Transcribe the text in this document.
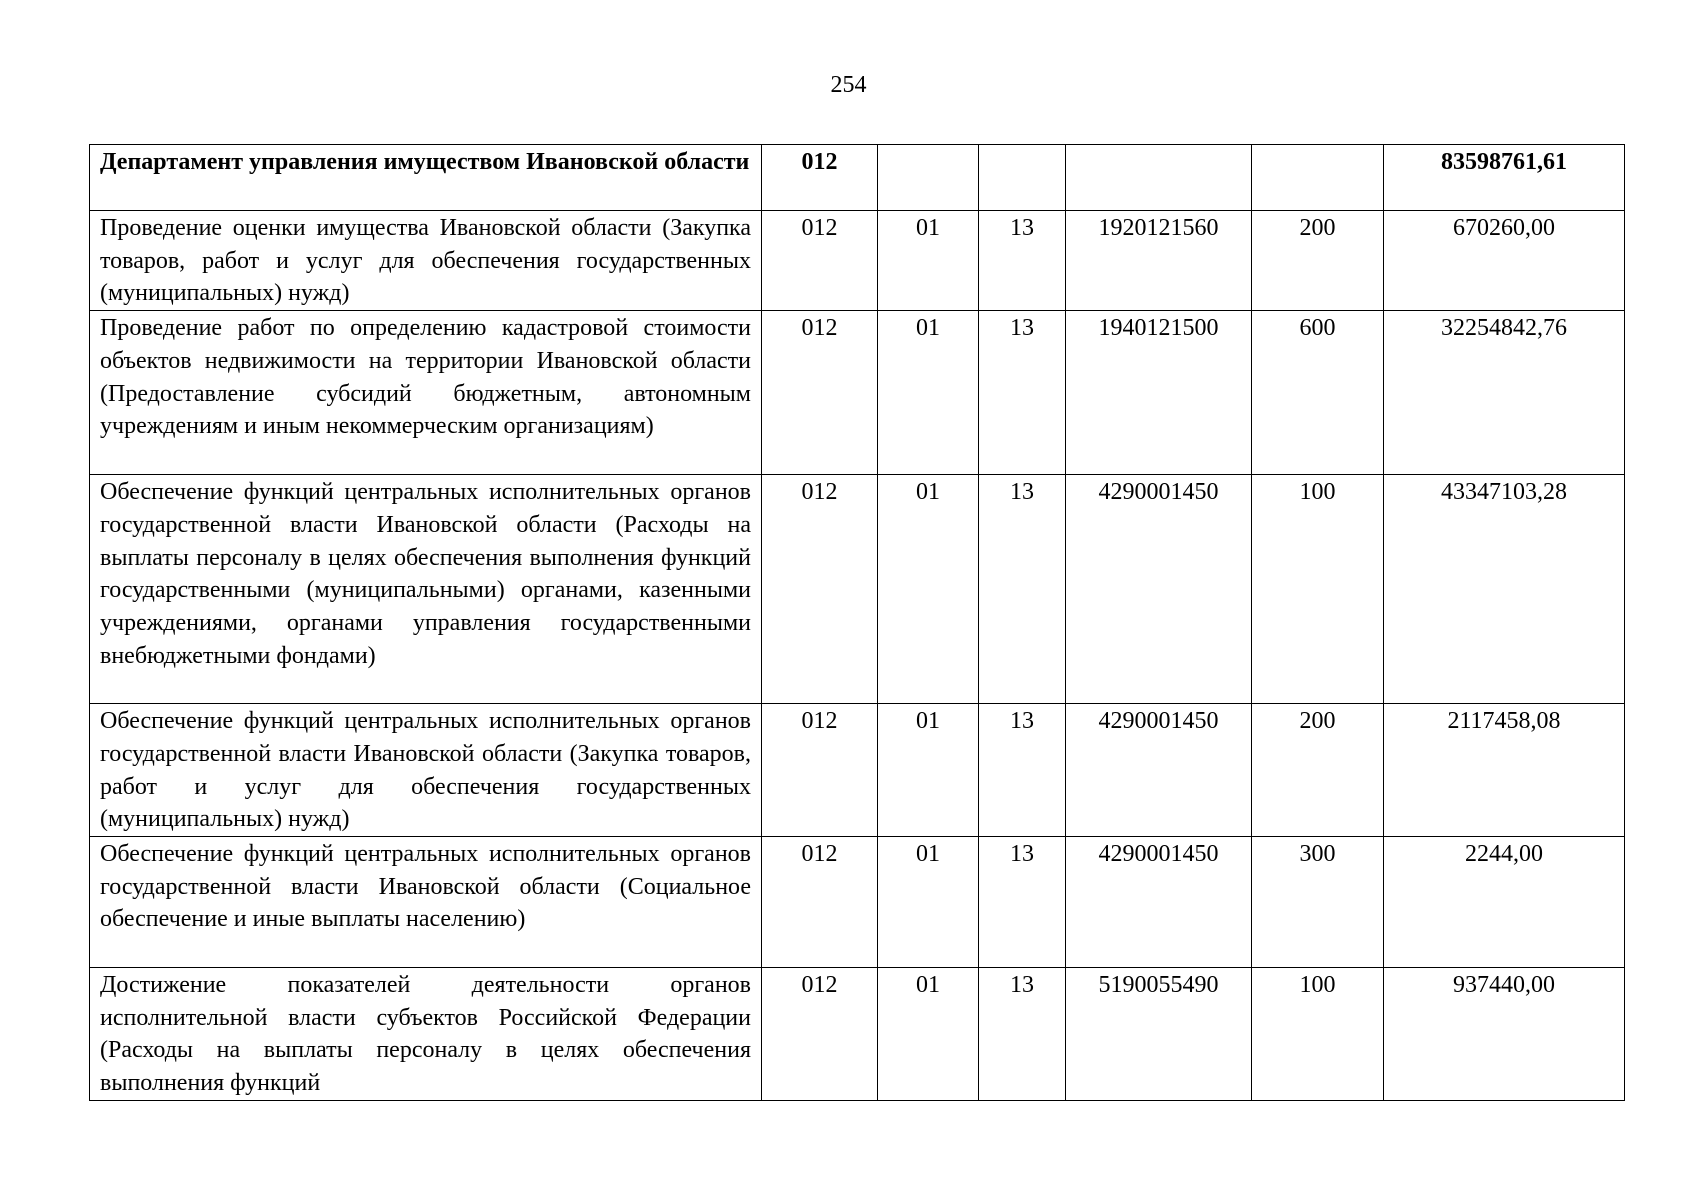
254
Департамент управления имуществом Ивановской области	012					83598761,61
Проведение оценки имущества Ивановской области (Закупка товаров, работ и услуг для обеспечения государственных (муниципальных) нужд)	012	01	13	1920121560	200	670260,00
Проведение работ по определению кадастровой стоимости объектов недвижимости на территории Ивановской области (Предоставление субсидий бюджетным, автономным учреждениям и иным некоммерческим организациям)	012	01	13	1940121500	600	32254842,76
Обеспечение функций центральных исполнительных органов государственной власти Ивановской области (Расходы на выплаты персоналу в целях обеспечения выполнения функций государственными (муниципальными) органами, казенными учреждениями, органами управления государственными внебюджетными фондами)	012	01	13	4290001450	100	43347103,28
Обеспечение функций центральных исполнительных органов государственной власти Ивановской области (Закупка товаров, работ и услуг для обеспечения государственных (муниципальных) нужд)	012	01	13	4290001450	200	2117458,08
Обеспечение функций центральных исполнительных органов государственной власти Ивановской области (Социальное обеспечение и иные выплаты населению)	012	01	13	4290001450	300	2244,00
Достижение показателей деятельности органов исполнительной власти субъектов Российской Федерации (Расходы на выплаты персоналу в целях обеспечения выполнения функций	012	01	13	5190055490	100	937440,00
